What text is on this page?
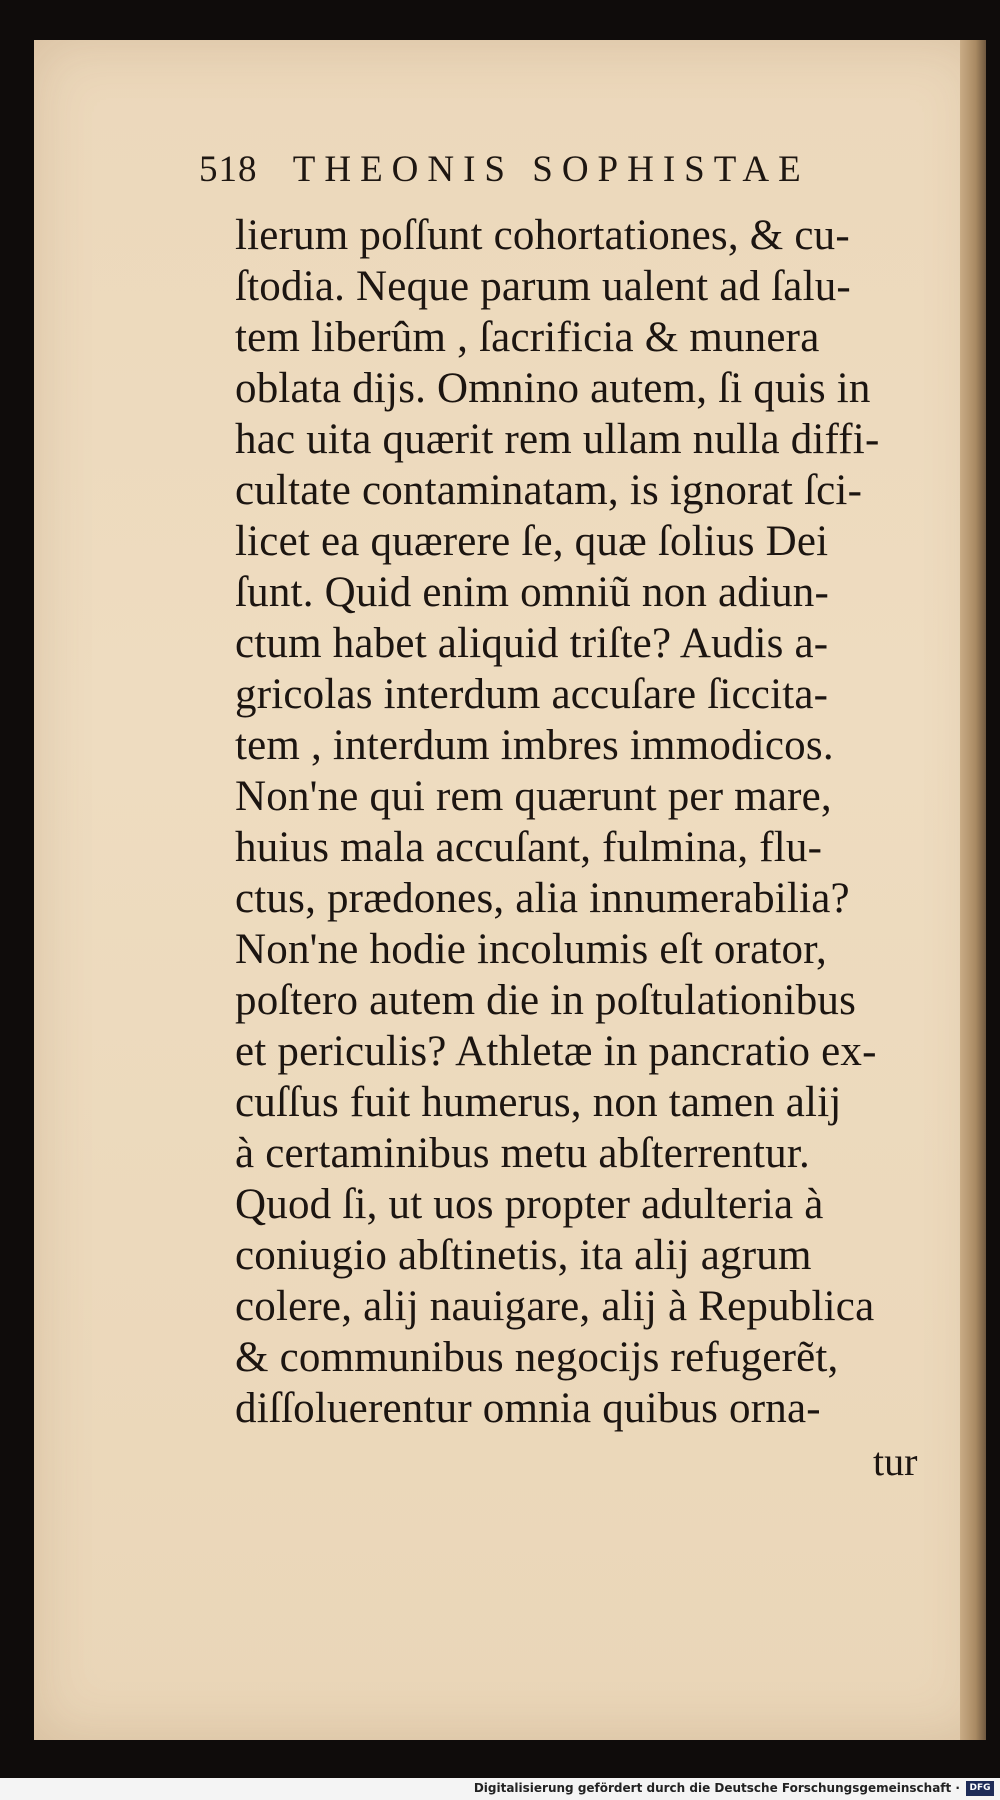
518 THEONIS SOPHISTAE
lierum poſſunt cohortationes, & cu-
ſtodia. Neque parum ualent ad ſalu-
tem liberûm , ſacrificia & munera
oblata dijs. Omnino autem, ſi quis in
hac uita quærit rem ullam nulla diffi-
cultate contaminatam, is ignorat ſci-
licet ea quærere ſe, quæ ſolius Dei
ſunt. Quid enim omniũ non adiun-
ctum habet aliquid triſte? Audis a-
gricolas interdum accuſare ſiccita-
tem , interdum imbres immodicos.
Non'ne qui rem quærunt per mare,
huius mala accuſant, fulmina, flu-
ctus, prædones, alia innumerabilia?
Non'ne hodie incolumis eſt orator,
poſtero autem die in poſtulationibus
et periculis? Athletæ in pancratio ex-
cuſſus fuit humerus, non tamen alij
à certaminibus metu abſterrentur.
Quod ſi, ut uos propter adulteria à
coniugio abſtinetis, ita alij agrum
colere, alij nauigare, alij à Republica
& communibus negocijs refugerẽt,
diſſoluerentur omnia quibus orna-
tur
Digitalisierung gefördert durch die Deutsche Forschungsgemeinschaft ·	DFG
